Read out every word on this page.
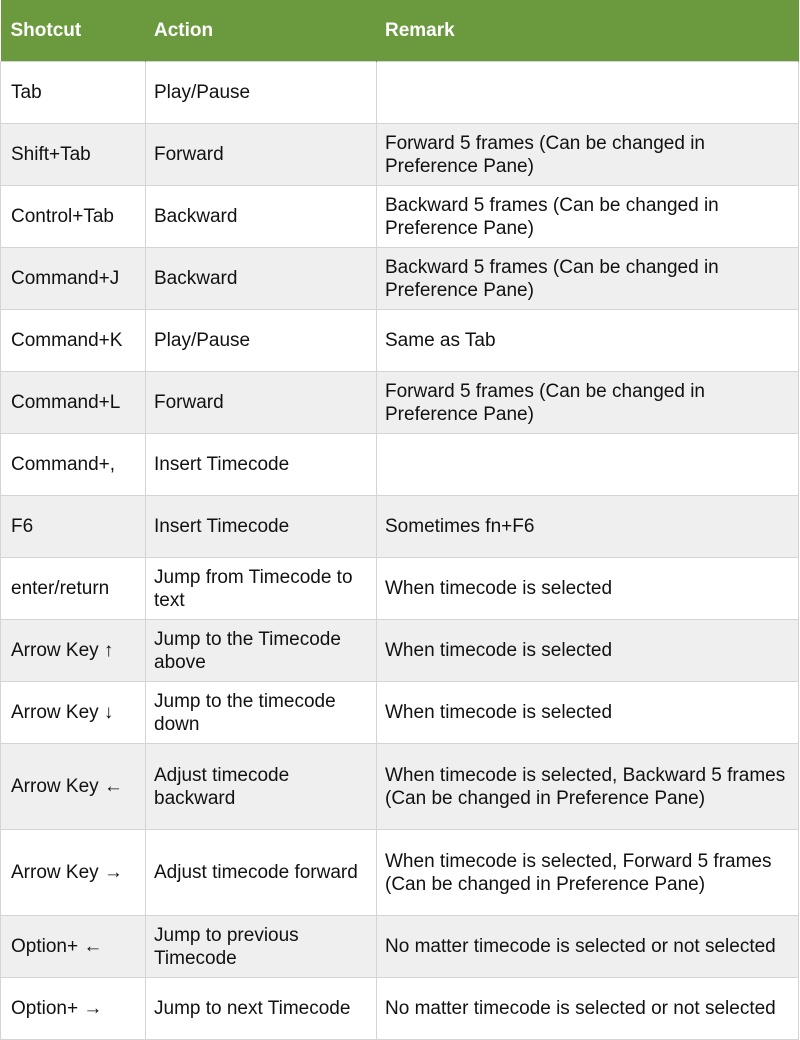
Shotcut	Action	Remark
Tab	Play/Pause	
Shift+Tab	Forward	Forward 5 frames (Can be changed in Preference Pane)
Control+Tab	Backward	Backward 5 frames (Can be changed in Preference Pane)
Command+J	Backward	Backward 5 frames (Can be changed in Preference Pane)
Command+K	Play/Pause	Same as Tab
Command+L	Forward	Forward 5 frames (Can be changed in Preference Pane)
Command+,	Insert Timecode	
F6	Insert Timecode	Sometimes fn+F6
enter/return	Jump from Timecode to text	When timecode is selected
Arrow Key ↑	Jump to the Timecode above	When timecode is selected
Arrow Key ↓	Jump to the timecode down	When timecode is selected
Arrow Key ←	Adjust timecode backward	When timecode is selected, Backward 5 frames (Can be changed in Preference Pane)
Arrow Key →	Adjust timecode forward	When timecode is selected, Forward 5 frames (Can be changed in Preference Pane)
Option+ ←	Jump to previous Timecode	No matter timecode is selected or not selected
Option+ →	Jump to next Timecode	No matter timecode is selected or not selected
